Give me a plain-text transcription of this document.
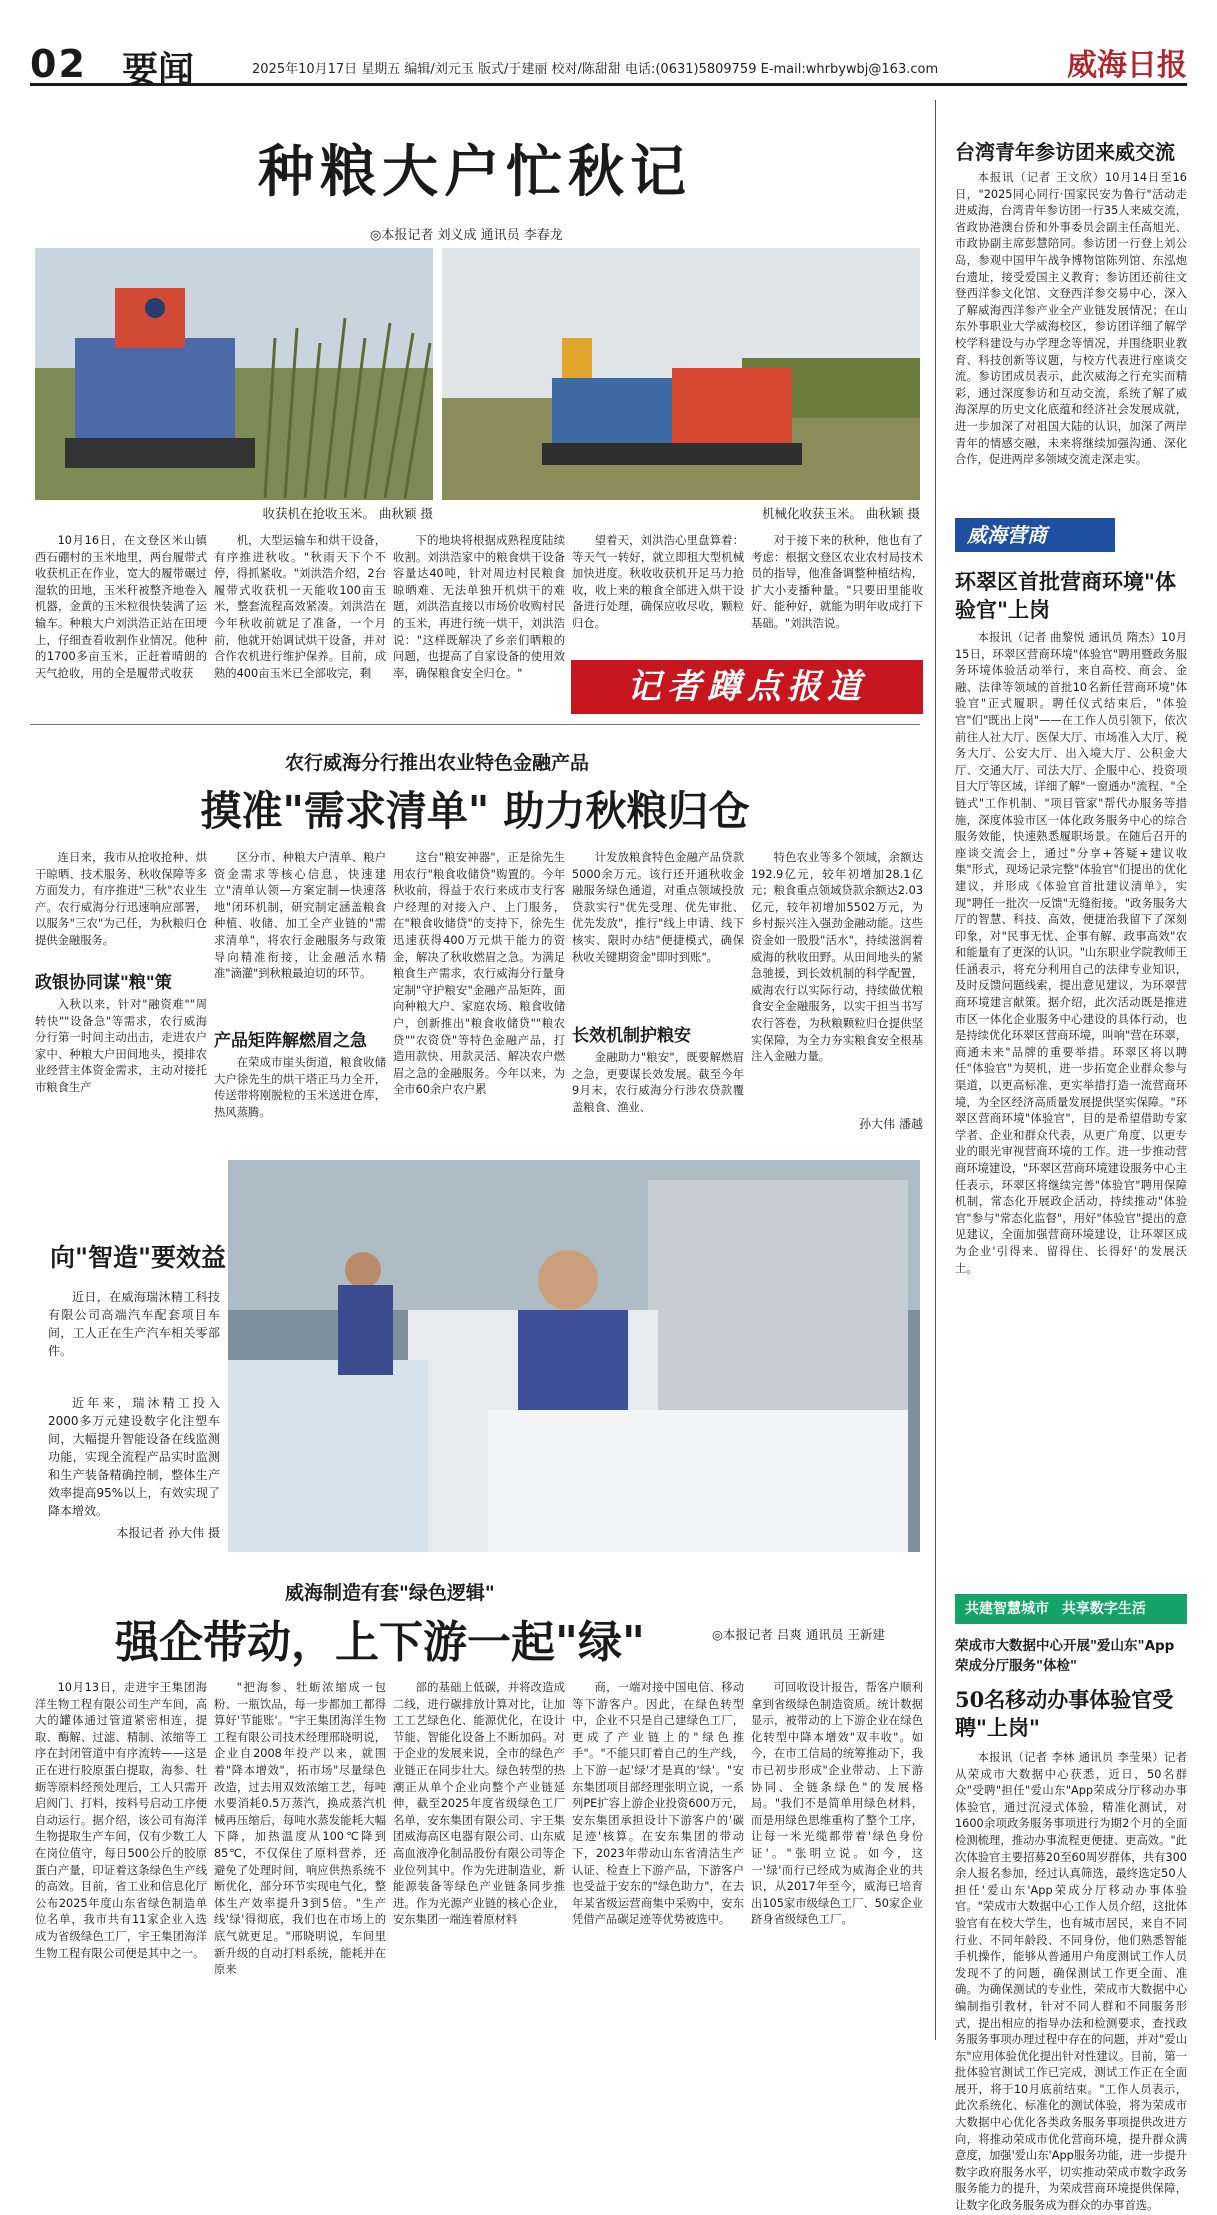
02 要闻	2025年10月17日 星期五 编辑/刘元玉 版式/于建丽 校对/陈甜甜 电话:(0631)5809759 E-mail:whrbywbj@163.com	威海日报
种粮大户忙秋记
◎本报记者 刘义成 通讯员 李春龙
收获机在抢收玉米。 曲秋颖 摄	机械化收获玉米。 曲秋颖 摄

10月16日，在文登区米山镇西石硼村的玉米地里，两台履带式收获机正在作业，宽大的履带碾过湿软的田地，玉米秆被整齐地卷入机器，金黄的玉米粒很快装满了运输车。种粮大户刘洪浩正站在田埂上，仔细查看收割作业情况。他种的1700多亩玉米，正赶着晴朗的天气抢收，用的全是履带式收获

机，大型运输车和烘干设备，有序推进秋收。"秋雨天下个不停，得抓紧收。"刘洪浩介绍，2台履带式收获机一天能收100亩玉米，整套流程高效紧凑。刘洪浩在今年秋收前就足了准备，一个月前，他就开始调试烘干设备，并对合作农机进行维护保养。目前，成熟的400亩玉米已全部收完，剩

下的地块将根据成熟程度陆续收割。刘洪浩家中的粮食烘干设备容量达40吨，针对周边村民粮食晾晒难、无法单独开机烘干的难题，刘洪浩直接以市场价收购村民的玉米，再进行统一烘干，刘洪浩说："这样既解决了乡亲们晒粮的问题，也提高了自家设备的使用效率，确保粮食安全归仓。"

望着天，刘洪浩心里盘算着：等天气一转好，就立即租大型机械加快进度。秋收收获机开足马力抢收，收上来的粮食全部进入烘干设备进行处理，确保应收尽收，颗粒归仓。

对于接下来的秋种，他也有了考虑：根据文登区农业农村局技术员的指导，他准备调整种植结构，扩大小麦播种量。"只要田里能收好、能种好，就能为明年收成打下基础。"刘洪浩说。

记者蹲点报道
农行威海分行推出农业特色金融产品
摸准"需求清单" 助力秋粮归仓

连日来，我市从抢收抢种、烘干晾晒、技术服务、秋收保障等多方面发力，有序推进"三秋"农业生产。农行威海分行迅速响应部署，以服务"三农"为己任，为秋粮归仓提供金融服务。

政银协同谋"粮"策

入秋以来，针对"融资难""周转快""设备急"等需求，农行威海分行第一时间主动出击，走进农户家中、种粮大户田间地头，摸排农业经营主体资金需求，主动对接托市粮食生产

区分市、种粮大户清单、粮户资金需求等核心信息，快速建立"清单认领—方案定制—快速落地"闭环机制，研究制定涵盖粮食种植、收储、加工全产业链的"需求清单"，将农行金融服务与政策导向精准衔接，让金融活水精准"滴灌"到秋粮最迫切的环节。

产品矩阵解燃眉之急

在荣成市崖头街道，粮食收储大户徐先生的烘干塔正马力全开，传送带将刚脱粒的玉米送进仓库，热风蒸腾。

这台"粮安神器"，正是徐先生用农行"粮食收储贷"购置的。今年秋收前，得益于农行来成市支行客户经理的对接入户、上门服务，在"粮食收储贷"的支持下，徐先生迅速获得400万元烘干能力的资金，解决了秋收燃眉之急。为满足粮食生产需求，农行威海分行量身定制"守护粮安"金融产品矩阵，面向种粮大户、家庭农场、粮食收储户，创新推出"粮食收储贷""粮农贷""农资贷"等特色金融产品，打造用款快、用款灵活、解决农户燃眉之急的金融服务。今年以来，为全市60余户农户累

计发放粮食特色金融产品贷款5000余万元。该行还开通秋收金融服务绿色通道，对重点领域投放贷款实行"优先受理、优先审批、优先发放"，推行"线上申请、线下核实、限时办结"便捷模式，确保秋收关键期资金"即时到账"。

长效机制护粮安

金融助力"粮安"，既要解燃眉之急，更要谋长效发展。截至今年9月末，农行威海分行涉农贷款覆盖粮食、渔业、

特色农业等多个领域，余额达192.9亿元，较年初增加28.1亿元；粮食重点领域贷款余额达2.03亿元，较年初增加5502万元，为乡村振兴注入强劲金融动能。这些资金如一股股"活水"，持续滋润着威海的秋收田野。从田间地头的紧急驰援，到长效机制的科学配置，威海农行以实际行动，持续做优粮食安全金融服务，以实干担当书写农行答卷，为秋粮颗粒归仓提供坚实保障，为全力夯实粮食安全根基注入金融力量。

孙大伟 潘越
向"智造"要效益

近日，在威海瑞沐精工科技有限公司高端汽车配套项目车间，工人正在生产汽车相关零部件。

近年来，瑞沐精工投入2000多万元建设数字化注塑车间，大幅提升智能设备在线监测功能，实现全流程产品实时监测和生产装备精确控制，整体生产效率提高95%以上，有效实现了降本增效。

本报记者 孙大伟 摄
威海制造有套"绿色逻辑"
强企带动，上下游一起"绿"	◎本报记者 吕爽 通讯员 王新建

10月13日，走进宇王集团海洋生物工程有限公司生产车间，高大的罐体通过管道紧密相连，提取、酶解、过滤、精制、浓缩等工序在封闭管道中有序流转——这是正在进行胶原蛋白提取，海参、牡蛎等原料经预处理后，工人只需开启阀门、打料，按料号启动工序便自动运行。据介绍，该公司有海洋生物提取生产车间，仅有少数工人在岗位值守，每日500公斤的胶原蛋白产量，印证着这条绿色生产线的高效。目前，省工业和信息化厅公布2025年度山东省绿色制造单位名单，我市共有11家企业入选成为省级绿色工厂，宇王集团海洋生物工程有限公司便是其中之一。

"把海参、牡蛎浓缩成一包粉、一瓶饮品，每一步都加工都得算好'节能账'。"宇王集团海洋生物工程有限公司技术经理邢晓明说，企业自2008年投产以来，就围着"降本增效"，拓市场"尽量绿色改造，过去用双效浓缩工艺，每吨水要消耗0.5万蒸汽，换成蒸汽机械再压缩后，每吨水蒸发能耗大幅下降，加热温度从100℃降到85℃，不仅保住了原料营养，还避免了处理时间，响应供热系统不断优化，部分环节实现电气化，整体生产效率提升3到5倍。"生产线'绿'得彻底，我们也在市场上的底气就更足。"邢晓明说，车间里新升级的自动打料系统，能耗并在原来

部的基础上低碳，并将改造成二线，进行碳排放计算对比，让加工工艺绿色化、能源优化，在设计节能、智能化设备上不断加码。对于企业的发展来说，全市的绿色产业链正在同步壮大。绿色转型的热潮正从单个企业向整个产业链延伸，截至2025年度省级绿色工厂名单，安东集团有限公司、宇王集团威海高区电器有限公司、山东威高血液净化制品股份有限公司等企业位列其中。作为先进制造业，新能源装备等绿色产业链条同步推进。作为光源产业链的核心企业，安东集团一端连着原材料

商，一端对接中国电信、移动等下游客户。因此，在绿色转型中，企业不只是自己建绿色工厂，更成了产业链上的"绿色推手"。"不能只盯着自己的生产线，上下游一起'绿'才是真的'绿'。"安东集团项目部经理张明立说，一系列PE扩容上游企业投资600万元，安东集团承担设计下游客户的'碳足迹'核算。在安东集团的带动下，2023年带动山东省清洁生产认证、检查上下游产品，下游客户也受益于安东的"绿色助力"，在去年某省级运营商集中采购中，安东凭借产品碳足迹等优势被选中。

可回收设计报告，帮客户顺利拿到省级绿色制造资质。统计数据显示，被带动的上下游企业在绿色化转型中降本增效"双丰收"。如今，在市工信局的统筹推动下，我市已初步形成"企业带动、上下游协同、全链条绿色"的发展格局。"我们不是简单用绿色材料，而是用绿色思维重构了整个工序，让每一米光缆都带着'绿色身份证'。"张明立说。如今，这一'绿'而行已经成为威海企业的共识，从2017年至今，威海已培育出105家市级绿色工厂、50家企业跻身省级绿色工厂。

台湾青年参访团来威交流

本报讯（记者 王文欣）10月14日至16日，"2025同心同行·国家民安为鲁行"活动走进威海，台湾青年参访团一行35人来威交流，省政协港澳台侨和外事委员会副主任高旭光、市政协副主席彭慧陪同。参访团一行登上刘公岛，参观中国甲午战争博物馆陈列馆、东泓炮台遗址，接受爱国主义教育；参访团还前往文登西洋参文化馆、文登西洋参交易中心，深入了解威海西洋参产业全产业链发展情况；在山东外事职业大学威海校区，参访团详细了解学校学科建设与办学理念等情况，并围绕职业教育、科技创新等议题，与校方代表进行座谈交流。参访团成员表示，此次威海之行充实而精彩，通过深度参访和互动交流，系统了解了威海深厚的历史文化底蕴和经济社会发展成就，进一步加深了对祖国大陆的认识，加深了两岸青年的情感交融，未来将继续加强沟通、深化合作，促进两岸多领域交流走深走实。

威海营商
环翠区首批营商环境"体验官"上岗

本报讯（记者 曲黎悦 通讯员 隋杰）10月15日，环翠区营商环境"体验官"聘用暨政务服务环境体验活动举行，来自高校、商会、金融、法律等领域的首批10名新任营商环境"体验官"正式履职。聘任仪式结束后，"体验官"们"既出上岗"——在工作人员引领下，依次前往人社大厅、医保大厅、市场准入大厅、税务大厅、公安大厅、出入境大厅、公积金大厅、交通大厅、司法大厅、企服中心、投资项目大厅等区域，详细了解"一窗通办"流程、"全链式"工作机制、"项目管家"帮代办服务等措施，深度体验市区一体化政务服务中心的综合服务效能，快速熟悉履职场景。在随后召开的座谈交流会上，通过"分享+答疑+建议收集"形式，现场记录完整"体验官"们提出的优化建议，并形成《体验官首批建议清单》，实现"聘任一批次一反馈"无缝衔接。"政务服务大厅的智慧、科技、高效，便捷治我留下了深刻印象，对"民事无忧、企事有解、政事高效"农和能量有了更深的认识。"山东职业学院教师王任涵表示，将充分利用自己的法律专业知识，及时反馈问题线索，提出意见建议，为环翠营商环境建言献策。据介绍，此次活动既是推进市区一体化企业服务中心建设的具体行动，也是持续优化环翠区营商环境，叫响"营在环翠，商通未来"品牌的重要举措。环翠区将以聘任"体验官"为契机，进一步拓宽企业群众参与渠道，以更高标准、更实举措打造一流营商环境，为全区经济高质量发展提供坚实保障。"环翠区营商环境"体验官"，目的是希望借助专家学者、企业和群众代表，从更广角度、以更专业的眼光审视营商环境的工作。进一步推动营商环境建设，"环翠区营商环境建设服务中心主任表示，环翠区将继续完善"体验官"聘用保障机制，常态化开展政企活动，持续推动"体验官"参与"常态化监督"，用好"体验官"提出的意见建议，全面加强营商环境建设，让环翠区成为企业'引得来、留得住、长得好'的发展沃土。

共建智慧城市 共享数字生活
荣成市大数据中心开展"爱山东"App荣成分厅服务"体检"
50名移动办事体验官受聘"上岗"

本报讯（记者 李林 通讯员 李莹果）记者从荣成市大数据中心获悉，近日，50名群众"受聘"担任"爱山东"App荣成分厅移动办事体验官，通过沉浸式体验，精准化测试，对1600余项政务服务事项进行为期2个月的全面检测梳理，推动办事流程更便捷、更高效。"此次体验官主要招募20至60周岁群体，共有300余人报名参加，经过认真筛选，最终选定50人担任'爱山东'App荣成分厅移动办事体验官。"荣成市大数据中心工作人员介绍，这批体验官有在校大学生，也有城市居民，来自不同行业、不同年龄段、不同身份，他们熟悉智能手机操作，能够从普通用户角度测试工作人员发现不了的问题，确保测试工作更全面、准确。为确保测试的专业性，荣成市大数据中心编制指引教材，针对不同人群和不同服务形式，提出相应的指导办法和检测要求，查找政务服务事项办理过程中存在的问题，并对"爱山东"应用体验优化提出针对性建议。目前，第一批体验官测试工作已完成，测试工作正在全面展开，将于10月底前结束。"工作人员表示，此次系统化、标准化的测试体验，将为荣成市大数据中心优化各类政务服务事项提供改进方向，将推动荣成市优化营商环境，提升群众满意度，加强'爱山东'App服务功能，进一步提升数字政府服务水平，切实推动荣成市数字政务服务能力的提升，为荣成营商环境提供保障，让数字化政务服务成为群众的办事首选。
